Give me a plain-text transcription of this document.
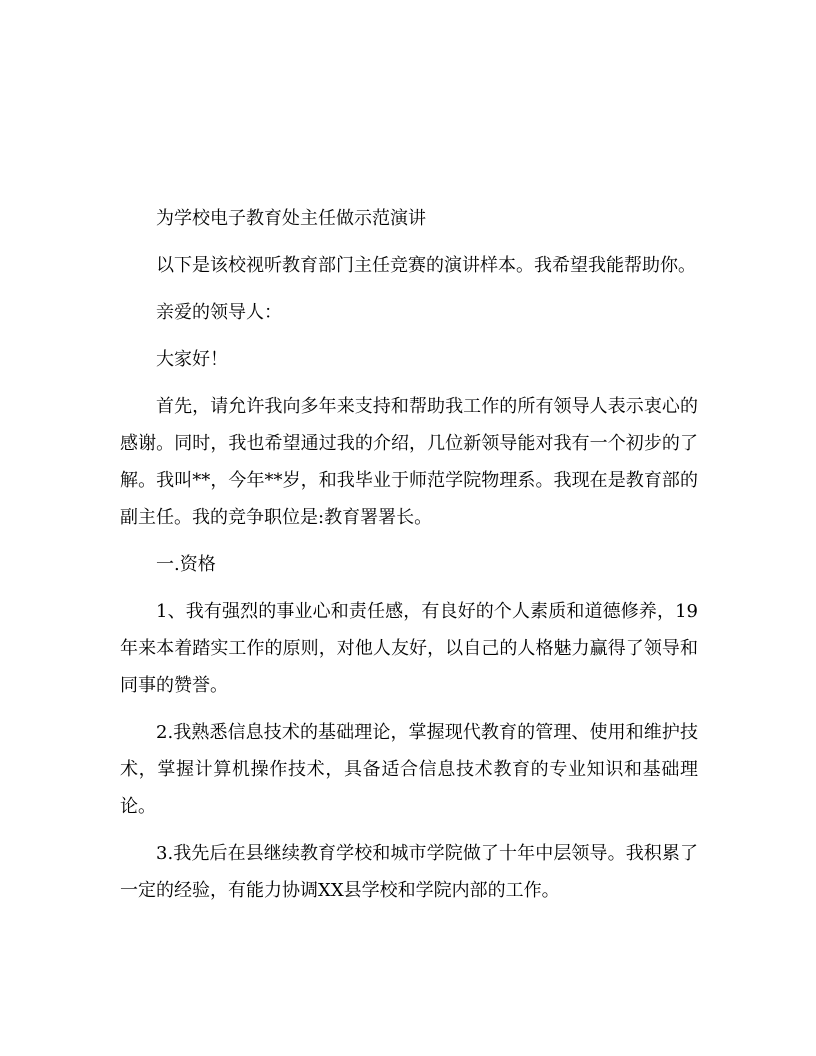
为学校电子教育处主任做示范演讲

以下是该校视听教育部门主任竞赛的演讲样本。我希望我能帮助你。

亲爱的领导人：

大家好！

首先，请允许我向多年来支持和帮助我工作的所有领导人表示衷心的感谢。同时，我也希望通过我的介绍，几位新领导能对我有一个初步的了解。我叫**，今年**岁，和我毕业于师范学院物理系。我现在是教育部的副主任。我的竞争职位是:教育署署长。

一.资格

1、我有强烈的事业心和责任感，有良好的个人素质和道德修养，19年来本着踏实工作的原则，对他人友好，以自己的人格魅力赢得了领导和同事的赞誉。

2.我熟悉信息技术的基础理论，掌握现代教育的管理、使用和维护技术，掌握计算机操作技术，具备适合信息技术教育的专业知识和基础理论。

3.我先后在县继续教育学校和城市学院做了十年中层领导。我积累了一定的经验，有能力协调XX县学校和学院内部的工作。
